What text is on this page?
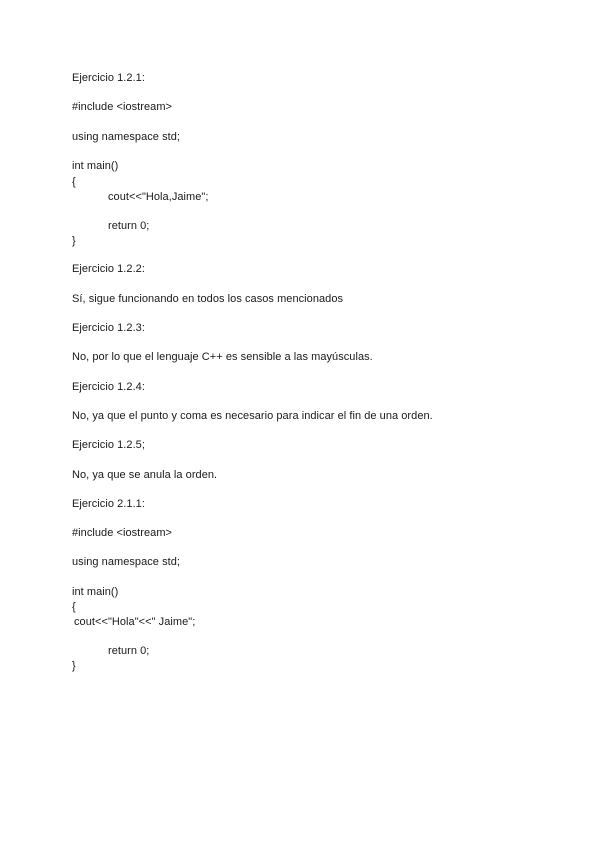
Ejercicio 1.2.1:
#include <iostream>
using namespace std;
int main()
{
cout<<"Hola,Jaime";
return 0;
}
Ejercicio 1.2.2:
Sí, sigue funcionando en todos los casos mencionados
Ejercicio 1.2.3:
No, por lo que el lenguaje C++ es sensible a las mayúsculas.
Ejercicio 1.2.4:
No, ya que el punto y coma es necesario para indicar el fin de una orden.
Ejercicio 1.2.5;
No, ya que se anula la orden.
Ejercicio 2.1.1:
#include <iostream>
using namespace std;
int main()
{
cout<<"Hola"<<" Jaime";
return 0;
}
